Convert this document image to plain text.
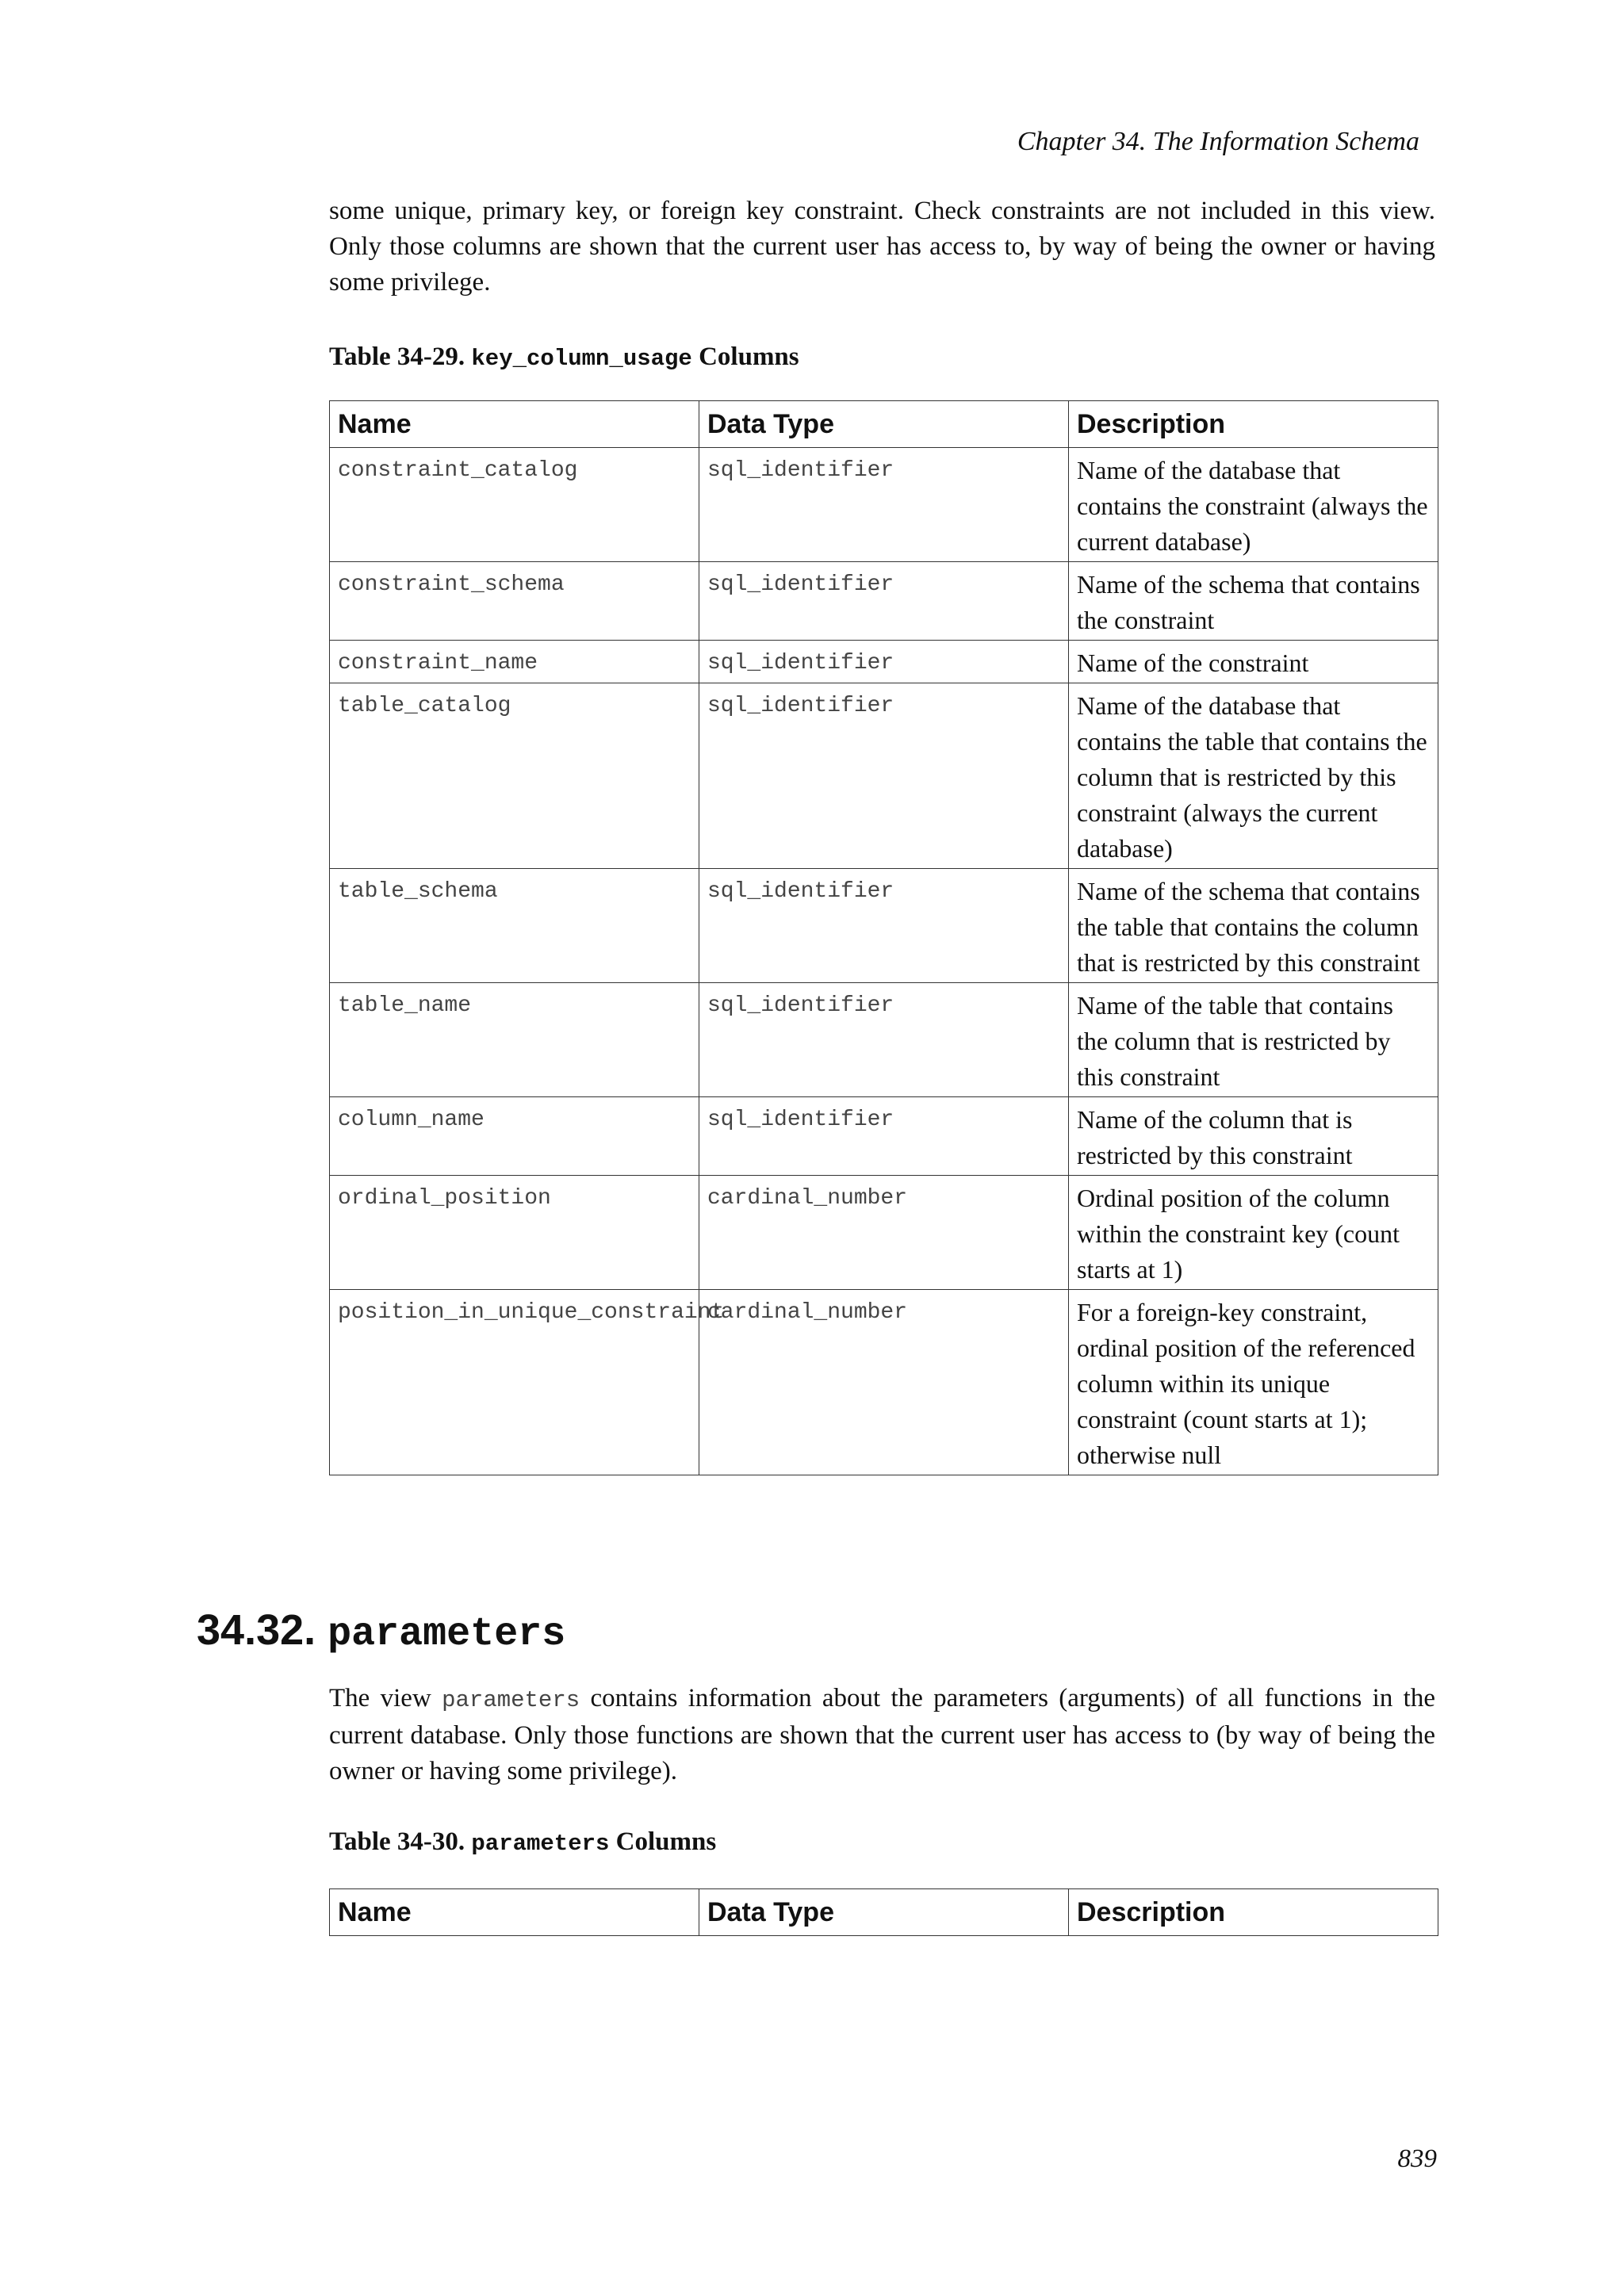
Chapter 34. The Information Schema
some unique, primary key, or foreign key constraint. Check constraints are not included in this view. Only those columns are shown that the current user has access to, by way of being the owner or having some privilege.
Table 34-29. key_column_usage Columns
Name	Data Type	Description
constraint_catalog	sql_identifier	Name of the database that contains the constraint (always the current database)
constraint_schema	sql_identifier	Name of the schema that contains the constraint
constraint_name	sql_identifier	Name of the constraint
table_catalog	sql_identifier	Name of the database that contains the table that contains the column that is restricted by this constraint (always the current database)
table_schema	sql_identifier	Name of the schema that contains the table that contains the column that is restricted by this constraint
table_name	sql_identifier	Name of the table that contains the column that is restricted by this constraint
column_name	sql_identifier	Name of the column that is restricted by this constraint
ordinal_position	cardinal_number	Ordinal position of the column within the constraint key (count starts at 1)
position_in_unique_constraint	cardinal_number	For a foreign-key constraint, ordinal position of the referenced column within its unique constraint (count starts at 1); otherwise null
34.32. parameters
The view parameters contains information about the parameters (arguments) of all functions in the current database. Only those functions are shown that the current user has access to (by way of being the owner or having some privilege).
Table 34-30. parameters Columns
Name	Data Type	Description
839
